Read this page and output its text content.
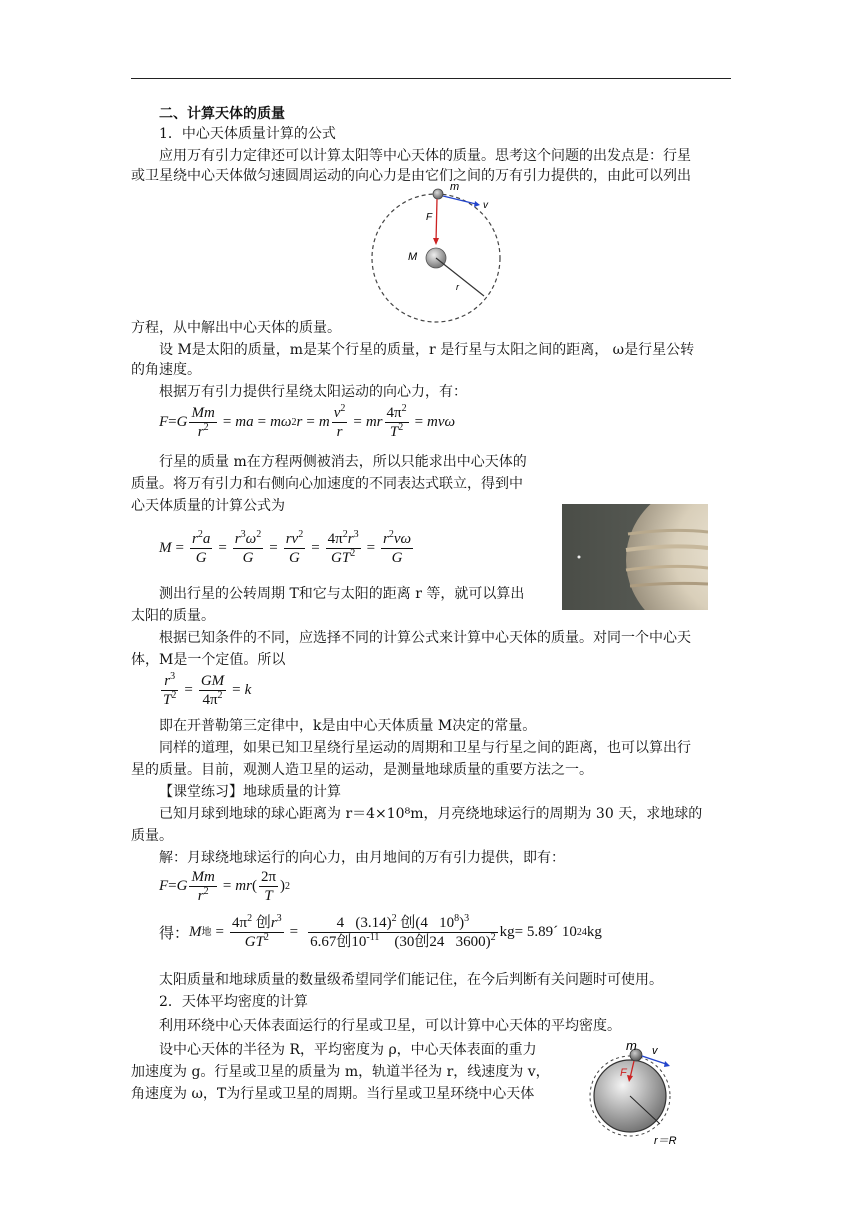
二、计算天体的质量
1．中心天体质量计算的公式
应用万有引力定律还可以计算太阳等中心天体的质量。思考这个问题的出发点是：行星
或卫星绕中心天体做匀速圆周运动的向心力是由它们之间的万有引力提供的，由此可以列出
m
v
F
M
r
方程，从中解出中心天体的质量。
设 M是太阳的质量，m是某个行星的质量，r 是行星与太阳之间的距离， ω是行星公转
的角速度。
根据万有引力提供行星绕太阳运动的向心力，有：
F = G $\frac{Mm}{r^2}$ = ma = mω 2 r = m $\frac{v^2}{r}$ = mr $\frac{4\pi^2}{T^2} = mv\omega$
行星的质量 m在方程两侧被消去，所以只能求出中心天体的
质量。将万有引力和右侧向心加速度的不同表达式联立，得到中
心天体质量的计算公式为
$M = \frac{r^2a}{G} = \frac{r^3\omega^2}{G} = \frac{rv^2}{G} = \frac{4\pi^2r^3}{GT^2} = \frac{r^2v\omega}{G}$
测出行星的公转周期 T和它与太阳的距离 r 等，就可以算出
太阳的质量。
根据已知条件的不同，应选择不同的计算公式来计算中心天体的质量。对同一个中心天
体，M是一个定值。所以
$\frac{r^3}{T^2} = \frac{GM}{4\pi^2} = k$
即在开普勒第三定律中，k是由中心天体质量 M决定的常量。
同样的道理，如果已知卫星绕行星运动的周期和卫星与行星之间的距离，也可以算出行
星的质量。目前，观测人造卫星的运动，是测量地球质量的重要方法之一。
【课堂练习】地球质量的计算
已知月球到地球的球心距离为 r＝4×10⁸m，月亮绕地球运行的周期为 30 天，求地球的
质量。
解：月球绕地球运行的向心力，由月地间的万有引力提供，即有：
F = G $\frac{Mm}{r^2}$ = mr ( $\frac{2\pi}{T}$ ) 2
得： M 地 = $\frac{4\pi^2 创r^3}{GT^2} = \frac{4 (3.14)^2 创(4 10^8)^3}{6.67创10^{-11} (30创24 3600)^2} kg=$ 5.89ˊ 10 24 kg
太阳质量和地球质量的数量级希望同学们能记住，在今后判断有关问题时可使用。
2．天体平均密度的计算
利用环绕中心天体表面运行的行星或卫星，可以计算中心天体的平均密度。
设中心天体的半径为 R，平均密度为 ρ，中心天体表面的重力
加速度为 g。行星或卫星的质量为 m，轨道半径为 r，线速度为 v，
角速度为 ω，T为行星或卫星的周期。当行星或卫星环绕中心天体
m v
F
r＝R
